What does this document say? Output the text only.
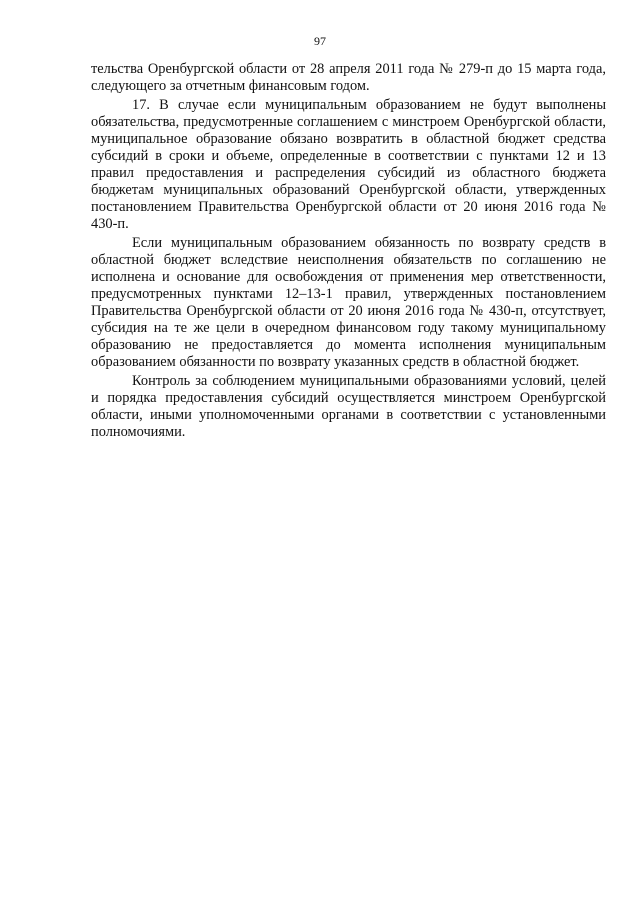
97

тельства Оренбургской области от 28 апреля 2011 года № 279-п до 15 марта года, следующего за отчетным финансовым годом.

17. В случае если муниципальным образованием не будут выполнены обязательства, предусмотренные соглашением с минстроем Оренбургской области, муниципальное образование обязано возвратить в областной бюджет средства субсидий в сроки и объеме, определенные в соответствии с пунктами 12 и 13 правил предоставления и распределения субсидий из областного бюджета бюджетам муниципальных образований Оренбургской области, утвержденных постановлением Правительства Оренбургской области от 20 июня 2016 года № 430-п.

Если муниципальным образованием обязанность по возврату средств в областной бюджет вследствие неисполнения обязательств по соглашению не исполнена и основание для освобождения от применения мер ответственности, предусмотренных пунктами 12–13-1 правил, утвержденных постановлением Правительства Оренбургской области от 20 июня 2016 года № 430-п, отсутствует, субсидия на те же цели в очередном финансовом году такому муниципальному образованию не предоставляется до момента исполнения муниципальным образованием обязанности по возврату указанных средств в областной бюджет.

Контроль за соблюдением муниципальными образованиями условий, целей и порядка предоставления субсидий осуществляется минстроем Оренбургской области, иными уполномоченными органами в соответствии с установленными полномочиями.
